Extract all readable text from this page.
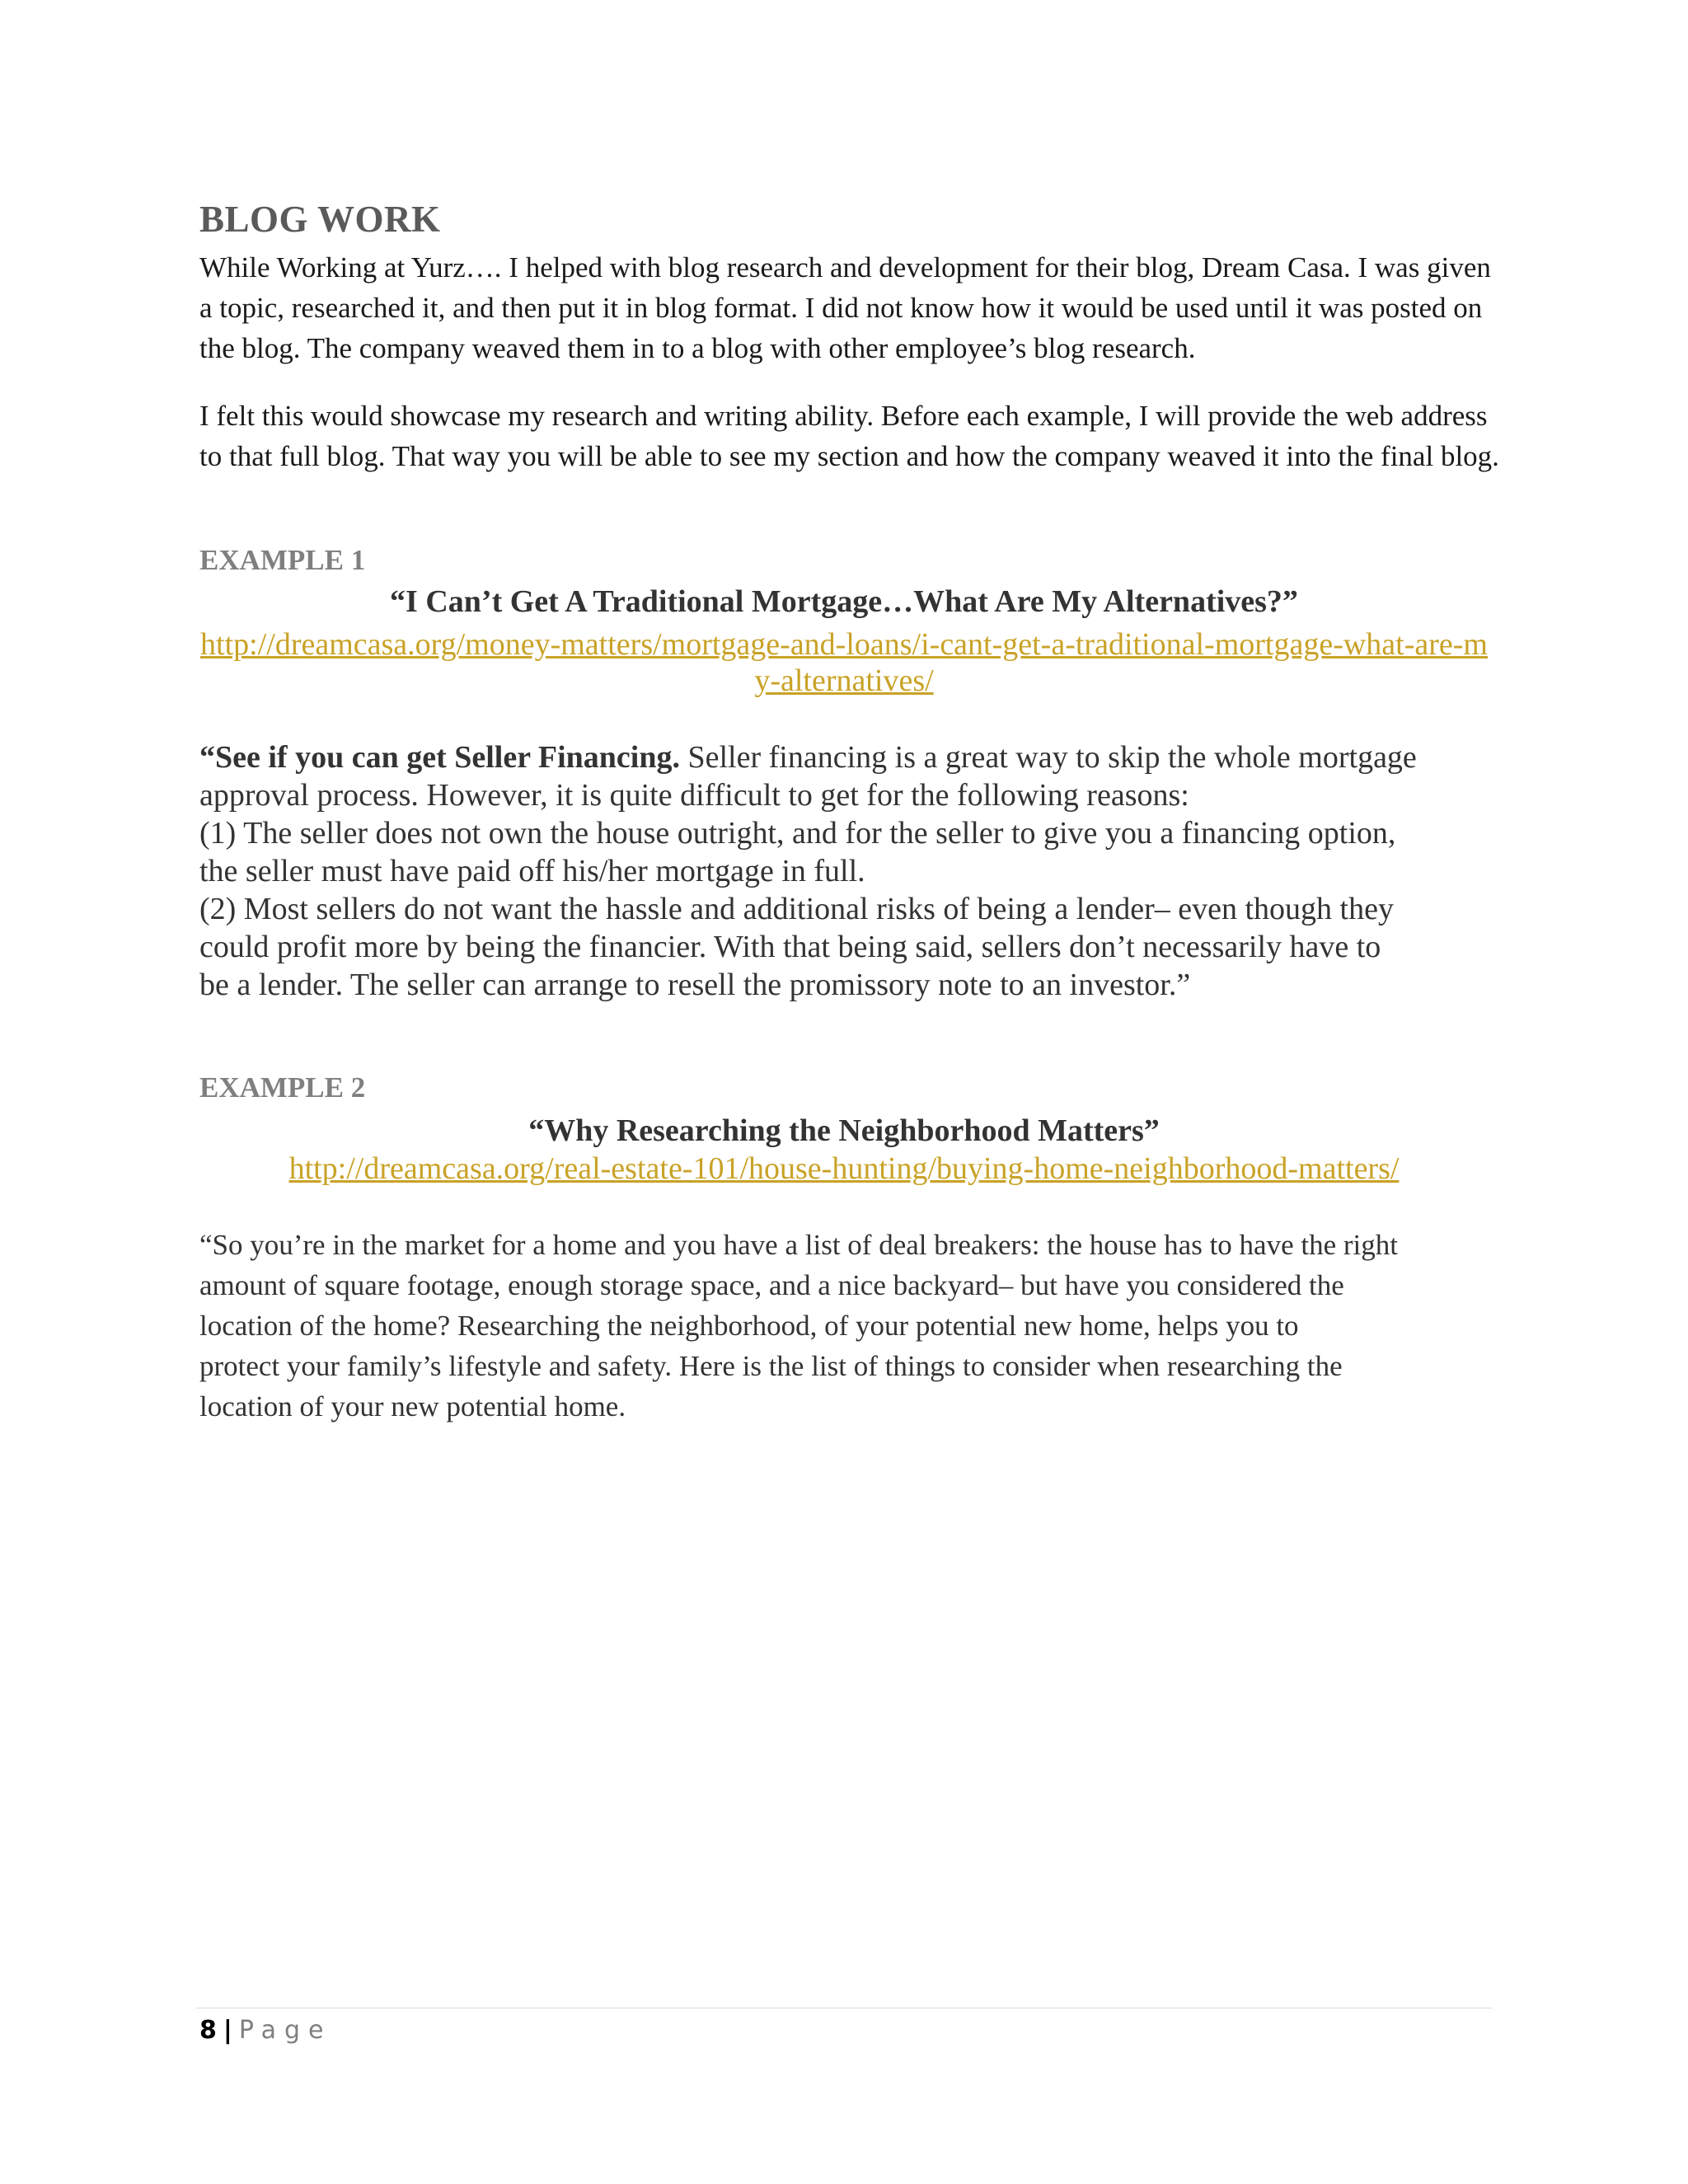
BLOG WORK
While Working at Yurz…. I helped with blog research and development for their blog, Dream Casa. I was given a topic, researched it, and then put it in blog format. I did not know how it would be used until it was posted on the blog. The company weaved them in to a blog with other employee’s blog research.
I felt this would showcase my research and writing ability. Before each example, I will provide the web address to that full blog. That way you will be able to see my section and how the company weaved it into the final blog.
EXAMPLE 1
“I Can’t Get A Traditional Mortgage…What Are My Alternatives?”
http://dreamcasa.org/money-matters/mortgage-and-loans/i-cant-get-a-traditional-mortgage-what-are-my-alternatives/
“See if you can get Seller Financing. Seller financing is a great way to skip the whole mortgage
approval process. However, it is quite difficult to get for the following reasons:
(1) The seller does not own the house outright, and for the seller to give you a financing option,
the seller must have paid off his/her mortgage in full.
(2) Most sellers do not want the hassle and additional risks of being a lender– even though they
could profit more by being the financier. With that being said, sellers don’t necessarily have to
be a lender. The seller can arrange to resell the promissory note to an investor.”
EXAMPLE 2
“Why Researching the Neighborhood Matters”
http://dreamcasa.org/real-estate-101/house-hunting/buying-home-neighborhood-matters/
“So you’re in the market for a home and you have a list of deal breakers: the house has to have the right
amount of square footage, enough storage space, and a nice backyard– but have you considered the
location of the home? Researching the neighborhood, of your potential new home, helps you to
protect your family’s lifestyle and safety. Here is the list of things to consider when researching the
location of your new potential home.
8 | Page
